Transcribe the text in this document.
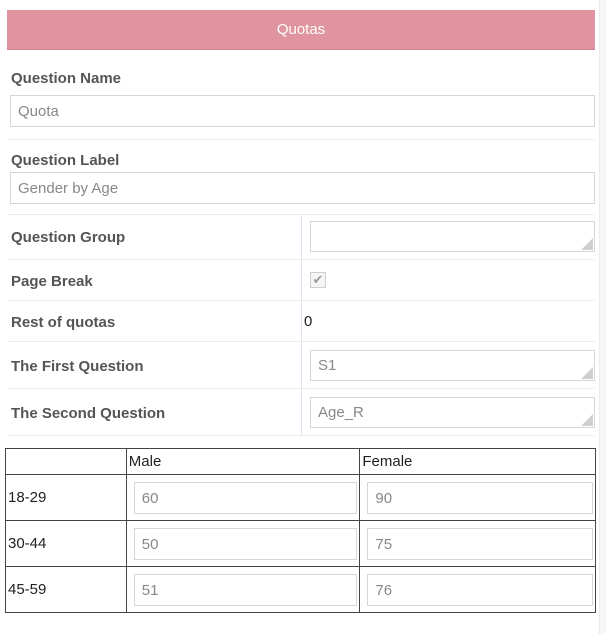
Quotas
Question Name
Quota
Question Label
Gender by Age
Question Group
Page Break	✔
Rest of quotas	0
The First Question	S1
The Second Question	Age_R
	Male	Female
18-29	60	90

30-44	50	75

45-59	51	76
